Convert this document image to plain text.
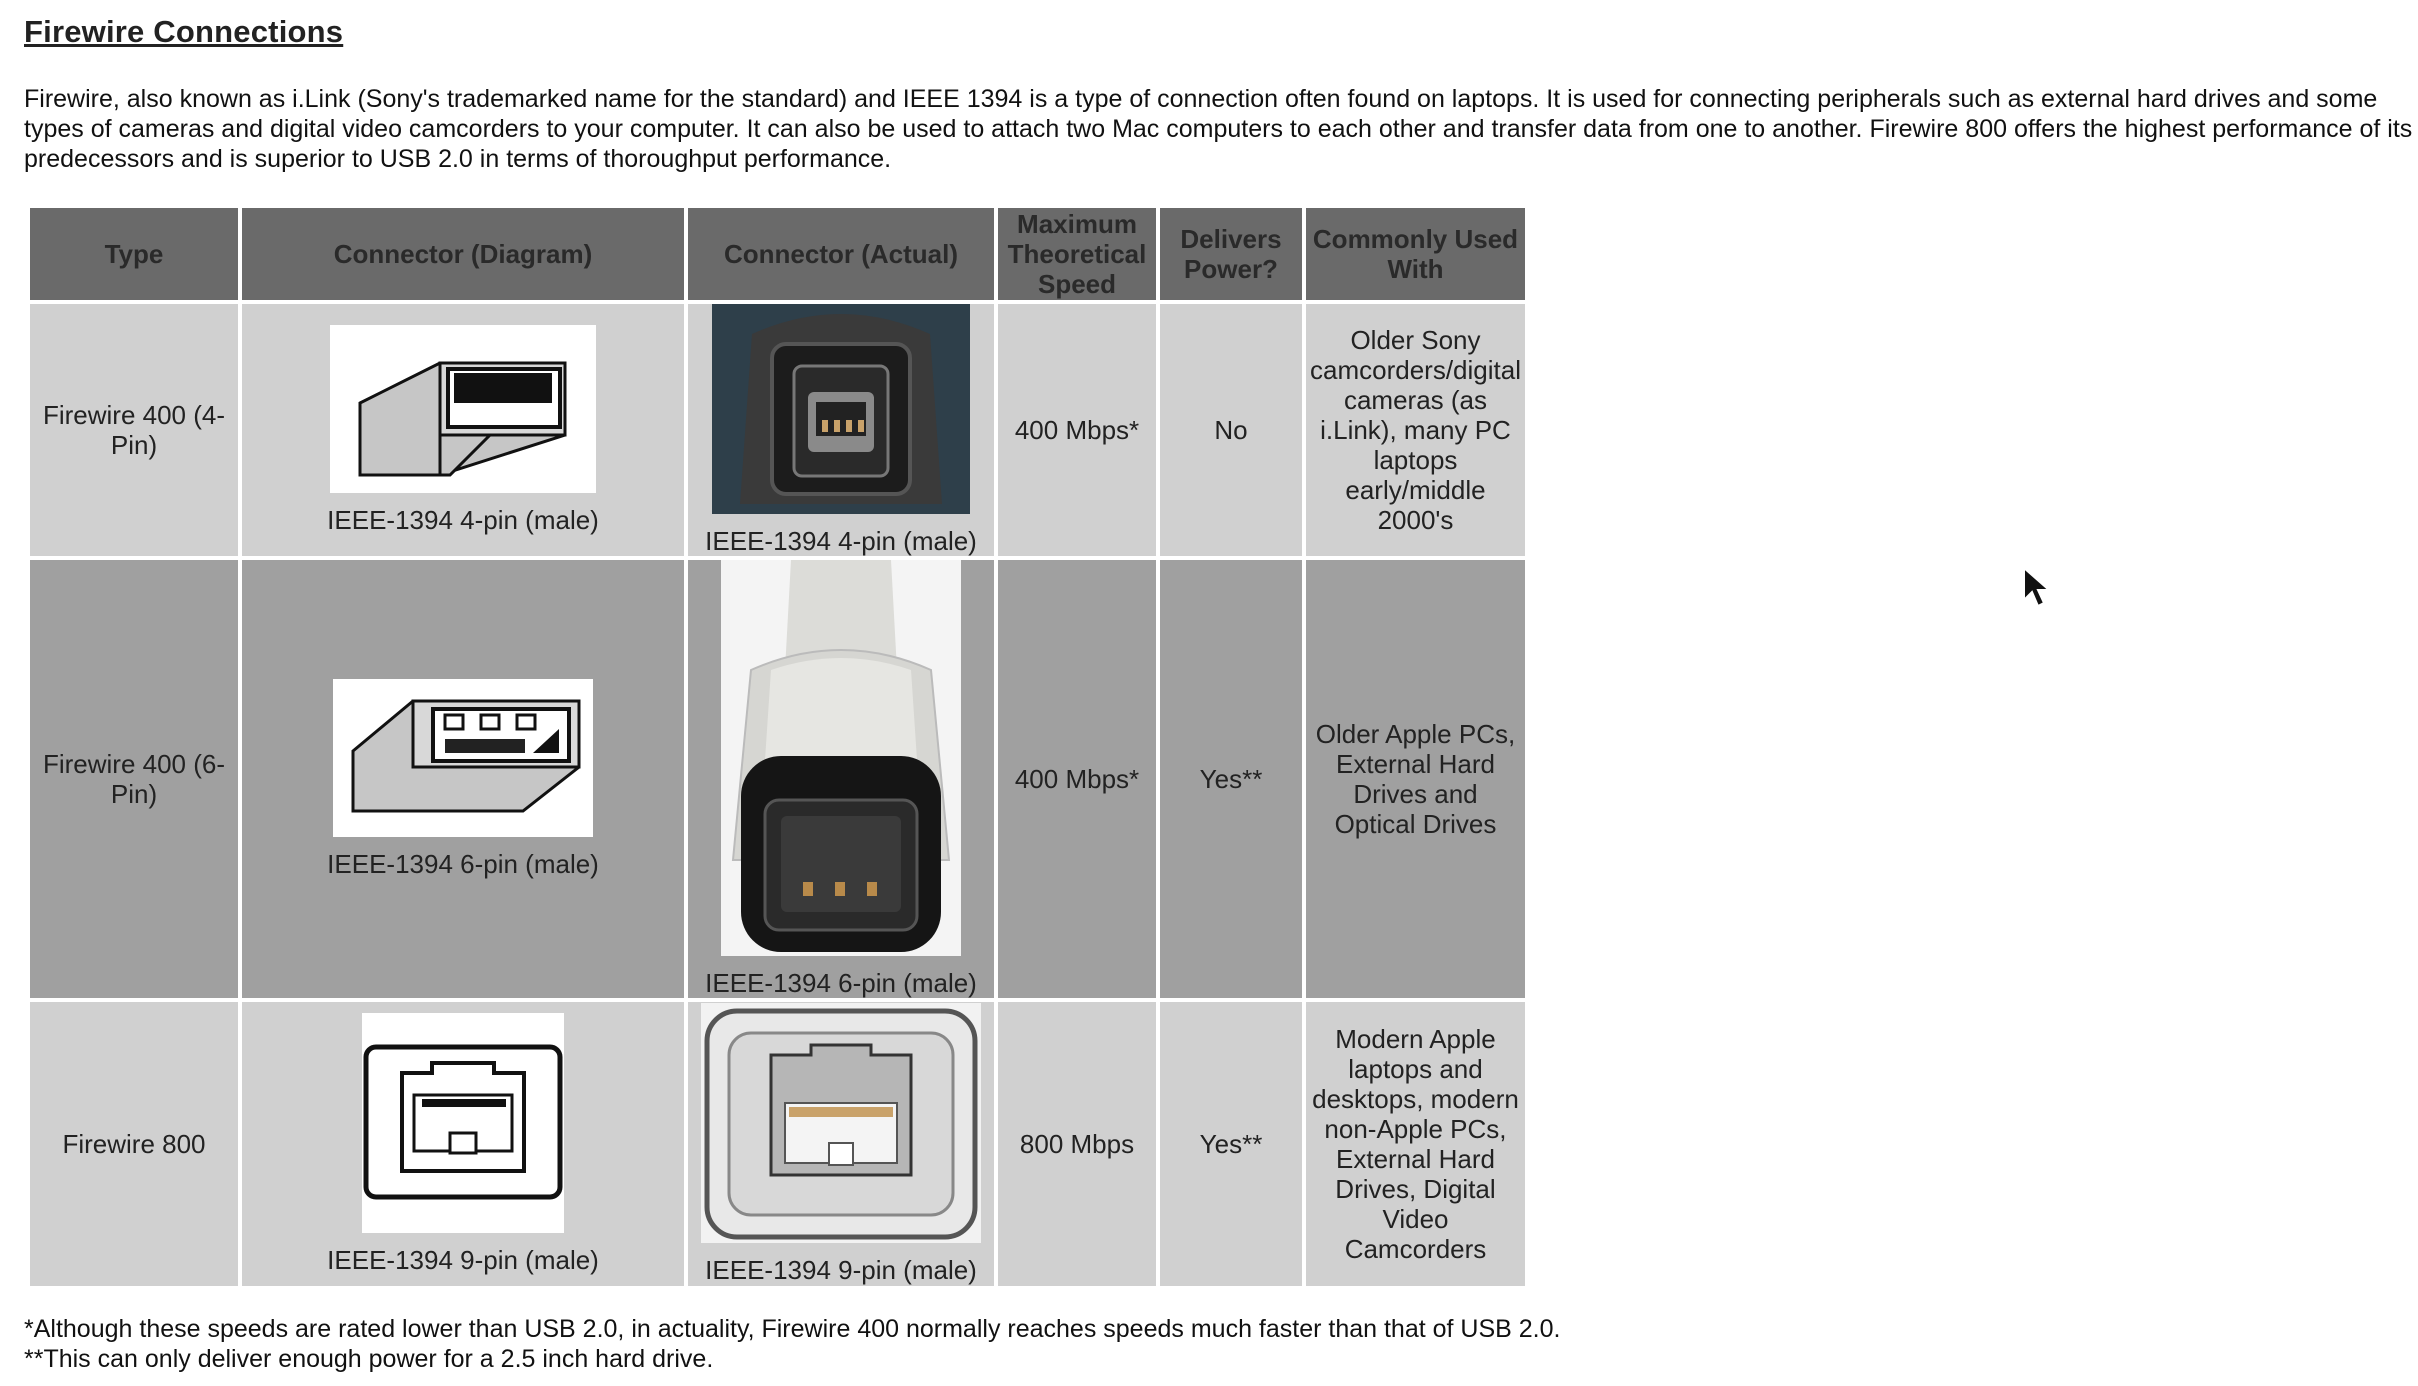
Firewire Connections

Firewire, also known as i.Link (Sony's trademarked name for the standard) and IEEE 1394 is a type of connection often found on laptops. It is used for connecting peripherals such as external hard drives and some types of cameras and digital video camcorders to your computer. It can also be used to attach two Mac computers to each other and transfer data from one to another. Firewire 800 offers the highest performance of its predecessors and is superior to USB 2.0 in terms of thoroughput performance.

Type	Connector (Diagram)	Connector (Actual)	Maximum Theoretical Speed	Delivers Power?	Commonly Used With
Firewire 400 (4-Pin)	IEEE-1394 4-pin (male)	IEEE-1394 4-pin (male)	400 Mbps*	No	Older Sony camcorders/digital cameras (as i.Link), many PC laptops early/middle 2000's
Firewire 400 (6-Pin)	IEEE-1394 6-pin (male)	IEEE-1394 6-pin (male)	400 Mbps*	Yes**	Older Apple PCs, External Hard Drives and Optical Drives
Firewire 800	IEEE-1394 9-pin (male)	IEEE-1394 9-pin (male)	800 Mbps	Yes**	Modern Apple laptops and desktops, modern non-Apple PCs, External Hard Drives, Digital Video Camcorders
*Although these speeds are rated lower than USB 2.0, in actuality, Firewire 400 normally reaches speeds much faster than that of USB 2.0.
**This can only deliver enough power for a 2.5 inch hard drive.
